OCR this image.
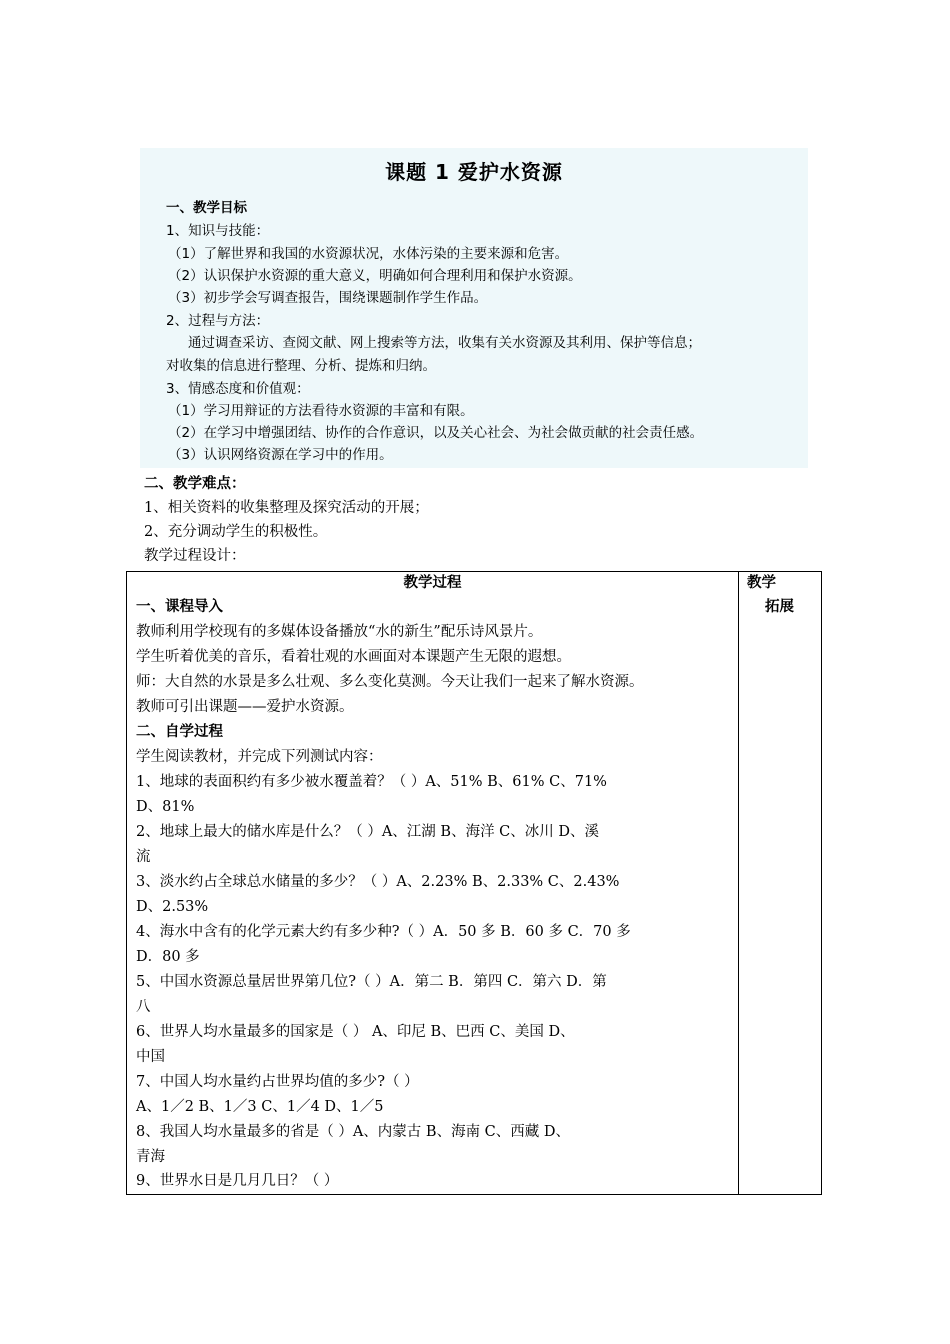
课题 1 爱护水资源
一、教学目标
1、知识与技能：
（1）了解世界和我国的水资源状况，水体污染的主要来源和危害。
（2）认识保护水资源的重大意义，明确如何合理利用和保护水资源。
（3）初步学会写调查报告，围绕课题制作学生作品。
2、过程与方法：
通过调查采访、查阅文献、网上搜索等方法，收集有关水资源及其利用、保护等信息；
对收集的信息进行整理、分析、提炼和归纳。
3、情感态度和价值观：
（1）学习用辩证的方法看待水资源的丰富和有限。
（2）在学习中增强团结、协作的合作意识，以及关心社会、为社会做贡献的社会责任感。
（3）认识网络资源在学习中的作用。
二、教学难点：
1、相关资料的收集整理及探究活动的开展；
2、充分调动学生的积极性。
教学过程设计：
教学过程	教学
拓展
一、课程导入
教师利用学校现有的多媒体设备播放“水的新生”配乐诗风景片。
学生听着优美的音乐，看着壮观的水画面对本课题产生无限的遐想。
师：大自然的水景是多么壮观、多么变化莫测。今天让我们一起来了解水资源。
教师可引出课题——爱护水资源。
二、自学过程
学生阅读教材，并完成下列测试内容：
1、地球的表面积约有多少被水覆盖着？（ ）A、51% B、61% C、71%
D、81%
2、地球上最大的储水库是什么？（ ）A、江湖 B、海洋 C、冰川 D、溪
流
3、淡水约占全球总水储量的多少？（ ）A、2.23% B、2.33% C、2.43%
D、2.53%
4、海水中含有的化学元素大约有多少种?（ ）A．50 多 B．60 多 C．70 多
D．80 多
5、中国水资源总量居世界第几位?（ ）A．第二 B．第四 C．第六 D．第
八
6、世界人均水量最多的国家是（ ） A、印尼 B、巴西 C、美国 D、
中国
7、中国人均水量约占世界均值的多少?（ ）
A、1／2 B、1／3 C、1／4 D、1／5
8、我国人均水量最多的省是（ ）A、内蒙古 B、海南 C、西藏 D、
青海
9、世界水日是几月几日？（ ）
